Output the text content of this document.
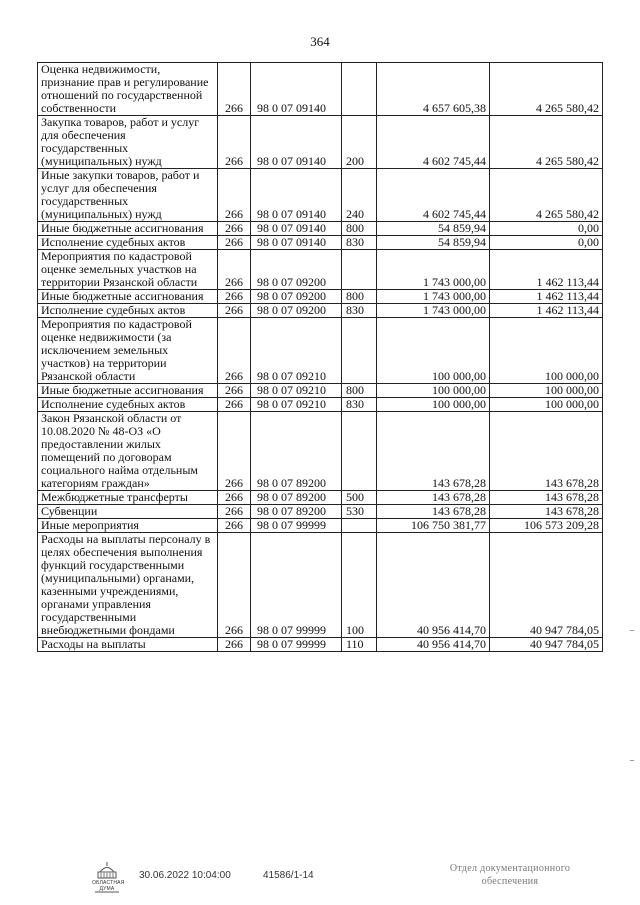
364
Оценка недвижимости, признание прав и регулирование отношений по государственной собственности	266	98 0 07 09140		4 657 605,38	4 265 580,42
Закупка товаров, работ и услуг для обеспечения государственных (муниципальных) нужд	266	98 0 07 09140	200	4 602 745,44	4 265 580,42
Иные закупки товаров, работ и услуг для обеспечения государственных (муниципальных) нужд	266	98 0 07 09140	240	4 602 745,44	4 265 580,42
Иные бюджетные ассигнования	266	98 0 07 09140	800	54 859,94	0,00
Исполнение судебных актов	266	98 0 07 09140	830	54 859,94	0,00
Мероприятия по кадастровой оценке земельных участков на территории Рязанской области	266	98 0 07 09200		1 743 000,00	1 462 113,44
Иные бюджетные ассигнования	266	98 0 07 09200	800	1 743 000,00	1 462 113,44
Исполнение судебных актов	266	98 0 07 09200	830	1 743 000,00	1 462 113,44
Мероприятия по кадастровой оценке недвижимости (за исключением земельных участков) на территории Рязанской области	266	98 0 07 09210		100 000,00	100 000,00
Иные бюджетные ассигнования	266	98 0 07 09210	800	100 000,00	100 000,00
Исполнение судебных актов	266	98 0 07 09210	830	100 000,00	100 000,00
Закон Рязанской области от 10.08.2020 № 48-ОЗ «О предоставлении жилых помещений по договорам социального найма отдельным категориям граждан»	266	98 0 07 89200		143 678,28	143 678,28
Межбюджетные трансферты	266	98 0 07 89200	500	143 678,28	143 678,28
Субвенции	266	98 0 07 89200	530	143 678,28	143 678,28
Иные мероприятия	266	98 0 07 99999		106 750 381,77	106 573 209,28
Расходы на выплаты персоналу в целях обеспечения выполнения функций государственными (муниципальными) органами, казенными учреждениями, органами управления государственными внебюджетными фондами	266	98 0 07 99999	100	40 956 414,70	40 947 784,05
Расходы на выплаты	266	98 0 07 99999	110	40 956 414,70	40 947 784,05
ОБЛАСТНАЯ ДУМА
30.06.2022 10:04:00	41586/1-14
Отдел документационного
обеспечения
